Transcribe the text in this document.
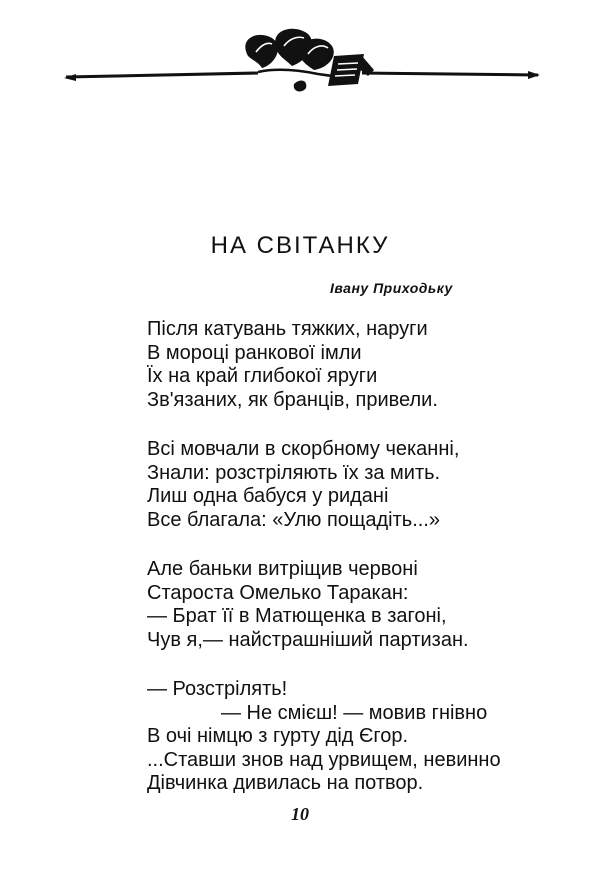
НА СВІТАНКУ
Івану Приходьку
Після катувань тяжких, наруги
В мороці ранкової імли
Їх на край глибокої яруги
Зв'язаних, як бранців, привели.
Всі мовчали в скорбному чеканні,
Знали: розстріляють їх за мить.
Лиш одна бабуся у ридані
Все благала: «Улю пощадіть...»
Але баньки витріщив червоні
Староста Омелько Таракан:
— Брат її в Матющенка в загоні,
Чув я,— найстрашніший партизан.
— Розстрілять!
— Не смієш! — мовив гнівно
В очі німцю з гурту дід Єгор.
...Ставши знов над урвищем, невинно
Дівчинка дивилась на потвор.
10
